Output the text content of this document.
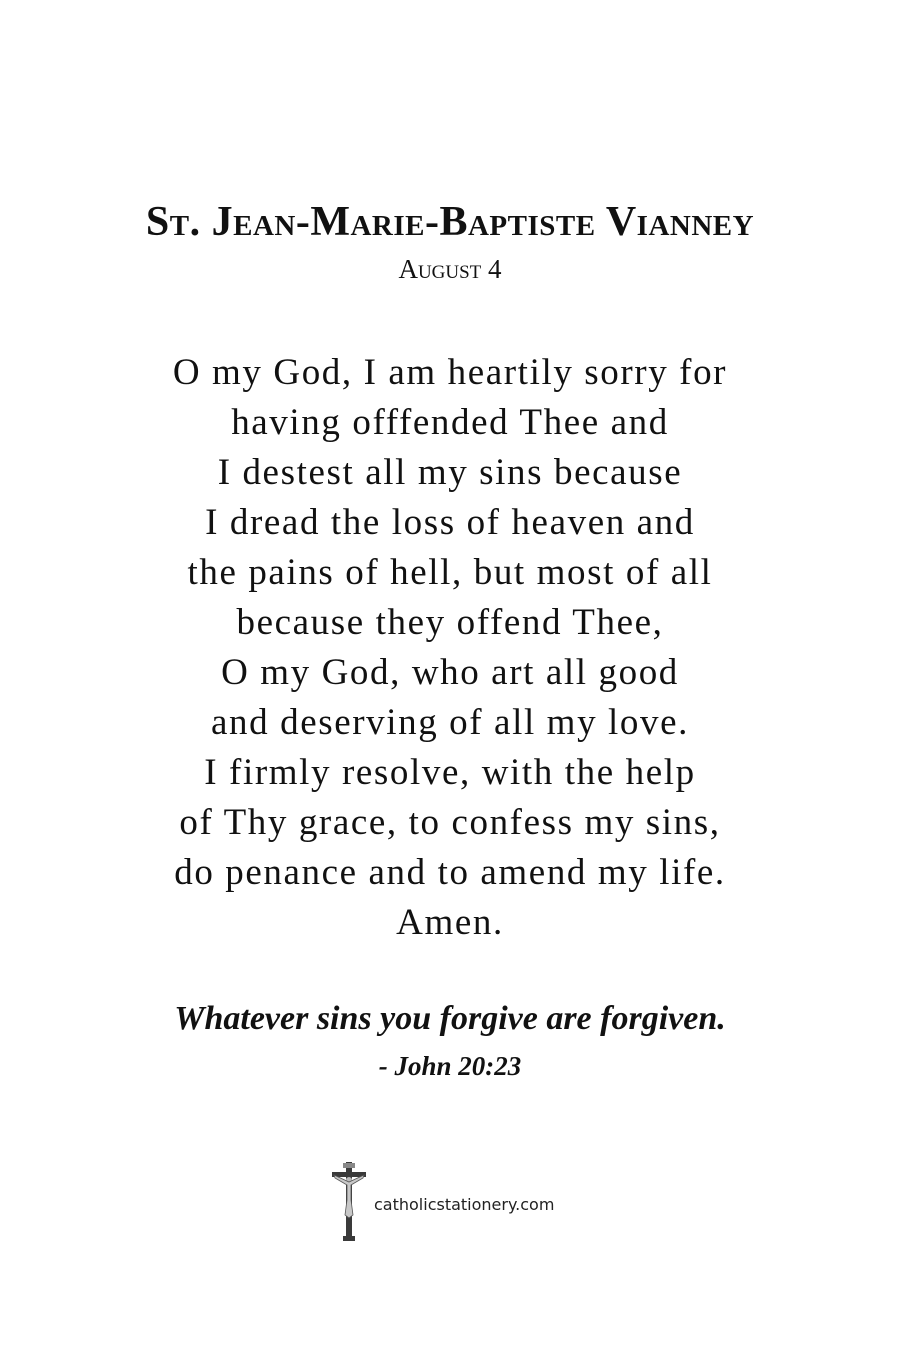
St. Jean-Marie-Baptiste Vianney
August 4
O my God, I am heartily sorry for
having offfended Thee and
I destest all my sins because
I dread the loss of heaven and
the pains of hell, but most of all
because they offend Thee,
O my God, who art all good
and deserving of all my love.
I firmly resolve, with the help
of Thy grace, to confess my sins,
do penance and to amend my life.
Amen.
Whatever sins you forgive are forgiven.
- John 20:23
catholicstationery.com
